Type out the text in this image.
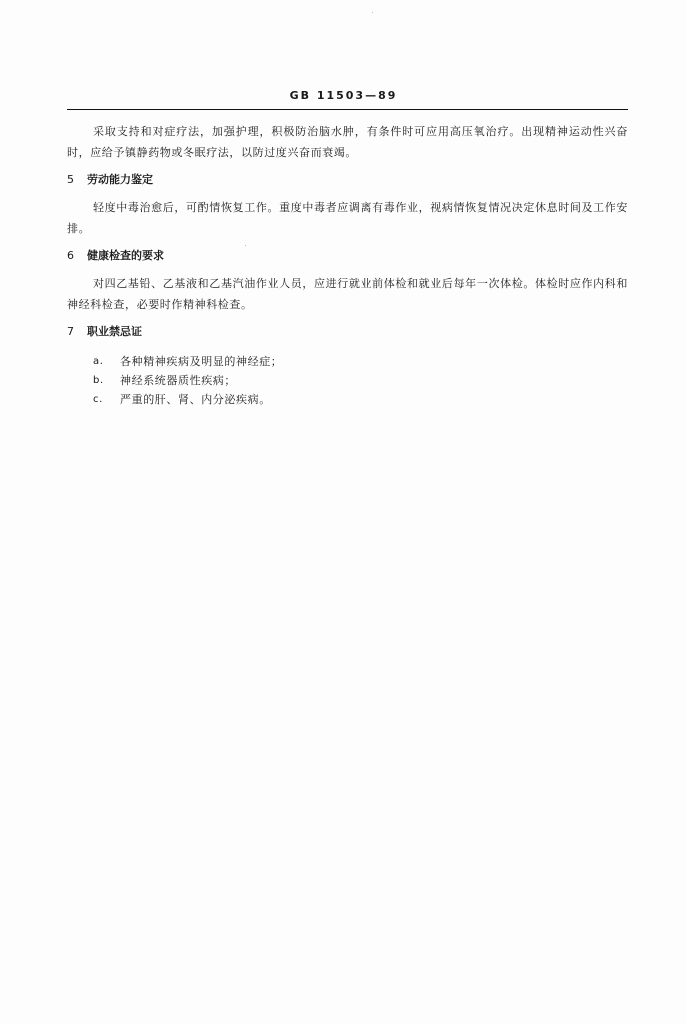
GB 11503—89

采取支持和对症疗法，加强护理，积极防治脑水肿，有条件时可应用高压氧治疗。出现精神运动性兴奋时，应给予镇静药物或冬眠疗法，以防过度兴奋而衰竭。

5	劳动能力鉴定

轻度中毒治愈后，可酌情恢复工作。重度中毒者应调离有毒作业，视病情恢复情况决定休息时间及工作安排。

6	健康检查的要求

对四乙基铅、乙基液和乙基汽油作业人员，应进行就业前体检和就业后每年一次体检。体检时应作内科和神经科检查，必要时作精神科检查。

7	职业禁忌证
a.	各种精神疾病及明显的神经症；
b.	神经系统器质性疾病；
c.	严重的肝、肾、内分泌疾病。
